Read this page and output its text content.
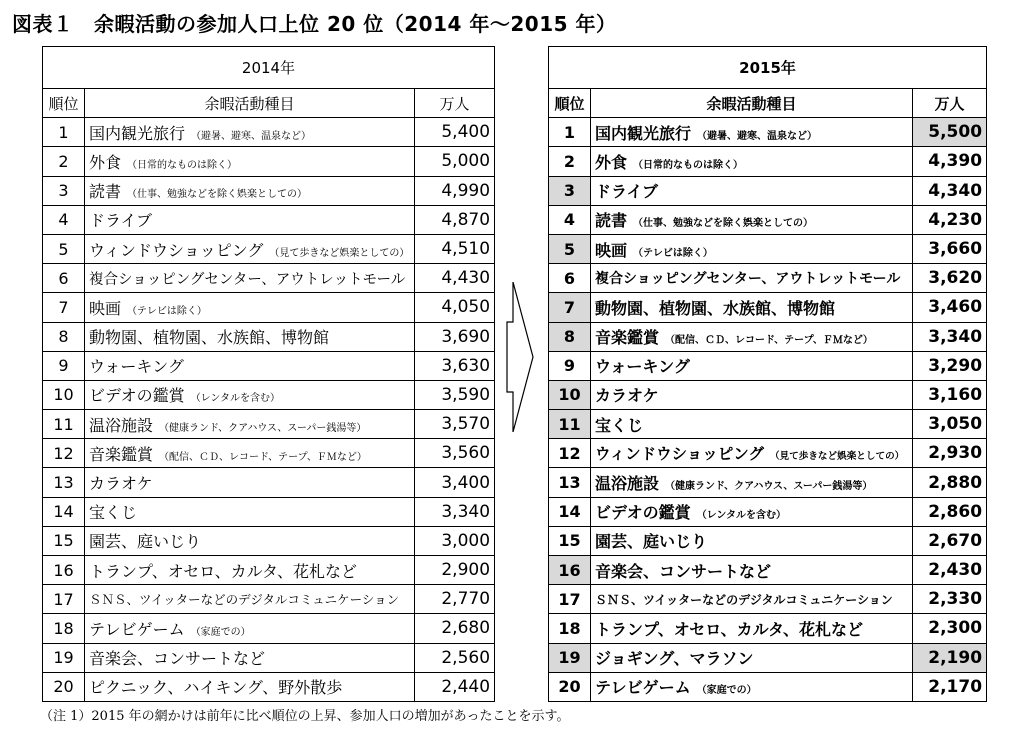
図表１　余暇活動の参加人口上位 20 位（2014 年～2015 年）
2014年		
順位	余暇活動種目	万人
1	国内観光旅行 （避暑、避寒、温泉など）	5,400
2	外食 （日常的なものは除く）	5,000
3	読書 （仕事、勉強などを除く娯楽としての）	4,990
4	ドライブ	4,870
5	ウィンドウショッピング （見て歩きなど娯楽としての）	4,510
6	複合ショッピングセンター、アウトレットモール	4,430
7	映画 （テレビは除く）	4,050
8	動物園、植物園、水族館、博物館	3,690
9	ウォーキング	3,630
10	ビデオの鑑賞 （レンタルを含む）	3,590
11	温浴施設 （健康ランド、クアハウス、スーパー銭湯等）	3,570
12	音楽鑑賞 （配信、ＣＤ、レコード、テープ、ＦＭなど）	3,560
13	カラオケ	3,400
14	宝くじ	3,340
15	園芸、庭いじり	3,000
16	トランプ、オセロ、カルタ、花札など	2,900
17	ＳＮＳ、ツイッターなどのデジタルコミュニケーション	2,770
18	テレビゲーム （家庭での）	2,680
19	音楽会、コンサートなど	2,560
20	ピクニック、ハイキング、野外散歩	2,440
2015年		
順位	余暇活動種目	万人
1	国内観光旅行 （避暑、避寒、温泉など）	5,500
2	外食 （日常的なものは除く）	4,390
3	ドライブ	4,340
4	読書 （仕事、勉強などを除く娯楽としての）	4,230
5	映画 （テレビは除く）	3,660
6	複合ショッピングセンター、アウトレットモール	3,620
7	動物園、植物園、水族館、博物館	3,460
8	音楽鑑賞 （配信、ＣＤ、レコード、テープ、ＦＭなど）	3,340
9	ウォーキング	3,290
10	カラオケ	3,160
11	宝くじ	3,050
12	ウィンドウショッピング （見て歩きなど娯楽としての）	2,930
13	温浴施設 （健康ランド、クアハウス、スーパー銭湯等）	2,880
14	ビデオの鑑賞 （レンタルを含む）	2,860
15	園芸、庭いじり	2,670
16	音楽会、コンサートなど	2,430
17	ＳＮＳ、ツイッターなどのデジタルコミュニケーション	2,330
18	トランプ、オセロ、カルタ、花札など	2,300
19	ジョギング、マラソン	2,190
20	テレビゲーム （家庭での）	2,170
（注 1）2015 年の網かけは前年に比べ順位の上昇、参加人口の増加があったことを示す。
